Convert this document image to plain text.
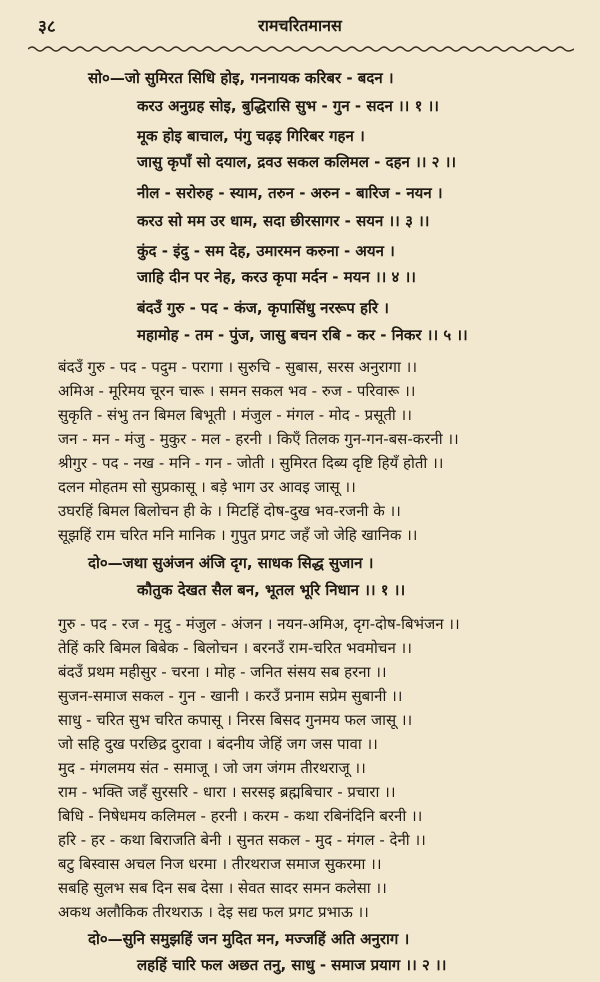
३८	रामचरितमानस
सो०—जो सुमिरत सिधि होइ, गननायक करिबर - बदन ।
करउ अनुग्रह सोइ, बुद्धिरासि सुभ - गुन - सदन ।। १ ।।
मूक होइ बाचाल, पंगु चढ़इ गिरिबर गहन ।
जासु कृपाँ सो दयाल, द्रवउ सकल कलिमल - दहन ।। २ ।।
नील - सरोरुह - स्याम, तरुन - अरुन - बारिज - नयन ।
करउ सो मम उर धाम, सदा छीरसागर - सयन ।। ३ ।।
कुंद - इंदु - सम देह, उमारमन करुना - अयन ।
जाहि दीन पर नेह, करउ कृपा मर्दन - मयन ।। ४ ।।
बंदउँ गुरु - पद - कंज, कृपासिंधु नररूप हरि ।
महामोह - तम - पुंज, जासु बचन रबि - कर - निकर ।। ५ ।।
बंदउँ गुरु - पद - पदुम - परागा । सुरुचि - सुबास, सरस अनुरागा ।।
अमिअ - मूरिमय चूरन चारू । समन सकल भव - रुज - परिवारू ।।
सुकृति - संभु तन बिमल बिभूती । मंजुल - मंगल - मोद - प्रसूती ।।
जन - मन - मंजु - मुकुर - मल - हरनी । किएँ तिलक गुन-गन-बस-करनी ।।
श्रीगुर - पद - नख - मनि - गन - जोती । सुमिरत दिब्य दृष्टि हियँ होती ।।
दलन मोहतम सो सुप्रकासू । बड़े भाग उर आवइ जासू ।।
उघरहिं बिमल बिलोचन ही के । मिटहिं दोष-दुख भव-रजनी के ।।
सूझहिं राम चरित मनि मानिक । गुपुत प्रगट जहँ जो जेहि खानिक ।।
दो०—जथा सुअंजन अंजि दृग, साधक सिद्ध सुजान ।
कौतुक देखत सैल बन, भूतल भूरि निधान ।। १ ।।
गुरु - पद - रज - मृदु - मंजुल - अंजन । नयन-अमिअ, दृग-दोष-बिभंजन ।।
तेहिं करि बिमल बिबेक - बिलोचन । बरनउँ राम-चरित भवमोचन ।।
बंदउँ प्रथम महीसुर - चरना । मोह - जनित संसय सब हरना ।।
सुजन-समाज सकल - गुन - खानी । करउँ प्रनाम सप्रेम सुबानी ।।
साधु - चरित सुभ चरित कपासू । निरस बिसद गुनमय फल जासू ।।
जो सहि दुख परछिद्र दुरावा । बंदनीय जेहिं जग जस पावा ।।
मुद - मंगलमय संत - समाजू । जो जग जंगम तीरथराजू ।।
राम - भक्ति जहँ सुरसरि - धारा । सरसइ ब्रह्मबिचार - प्रचारा ।।
बिधि - निषेधमय कलिमल - हरनी । करम - कथा रबिनंदिनि बरनी ।।
हरि - हर - कथा बिराजति बेनी । सुनत सकल - मुद - मंगल - देनी ।।
बटु बिस्वास अचल निज धरमा । तीरथराज समाज सुकरमा ।।
सबहि सुलभ सब दिन सब देसा । सेवत सादर समन कलेसा ।।
अकथ अलौकिक तीरथराऊ । देइ सद्य फल प्रगट प्रभाऊ ।।
दो०—सुनि समुझहिं जन मुदित मन, मज्जहिं अति अनुराग ।
लहहिं चारि फल अछत तनु, साधु - समाज प्रयाग ।। २ ।।
